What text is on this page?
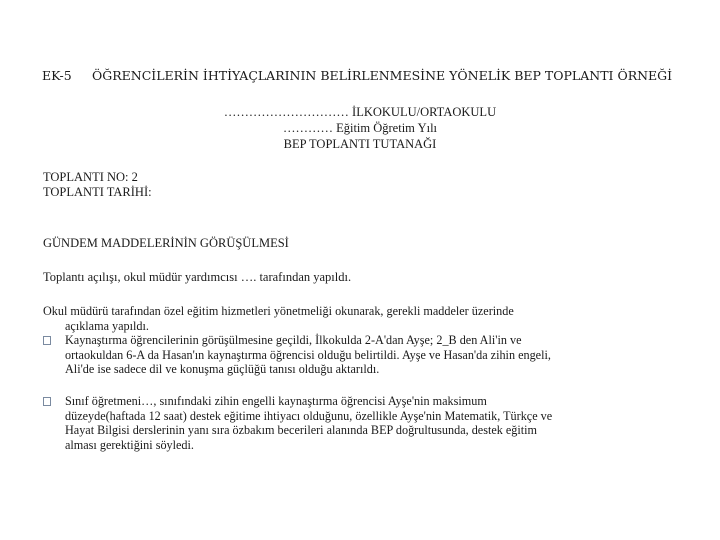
EK-5 ÖĞRENCİLERİN İHTİYAÇLARININ BELİRLENMESİNE YÖNELİK BEP TOPLANTI ÖRNEĞİ
………………………… İLKOKULU/ORTAOKULU
………… Eğitim Öğretim Yılı
BEP TOPLANTI TUTANAĞI
TOPLANTI NO: 2
TOPLANTI TARİHİ:
GÜNDEM MADDELERİNİN GÖRÜŞÜLMESİ
Toplantı açılışı, okul müdür yardımcısı …. tarafından yapıldı.
Okul müdürü tarafından özel eğitim hizmetleri yönetmeliği okunarak, gerekli maddeler üzerinde
açıklama yapıldı.
Kaynaştırma öğrencilerinin görüşülmesine geçildi, İlkokulda 2-A'dan Ayşe; 2_B den Ali'in ve
ortaokuldan 6-A da Hasan'ın kaynaştırma öğrencisi olduğu belirtildi. Ayşe ve Hasan'da zihin engeli,
Ali'de ise sadece dil ve konuşma güçlüğü tanısı olduğu aktarıldı.
Sınıf öğretmeni…, sınıfındaki zihin engelli kaynaştırma öğrencisi Ayşe'nin maksimum
düzeyde(haftada 12 saat) destek eğitime ihtiyacı olduğunu, özellikle Ayşe'nin Matematik, Türkçe ve
Hayat Bilgisi derslerinin yanı sıra özbakım becerileri alanında BEP doğrultusunda, destek eğitim
alması gerektiğini söyledi.
